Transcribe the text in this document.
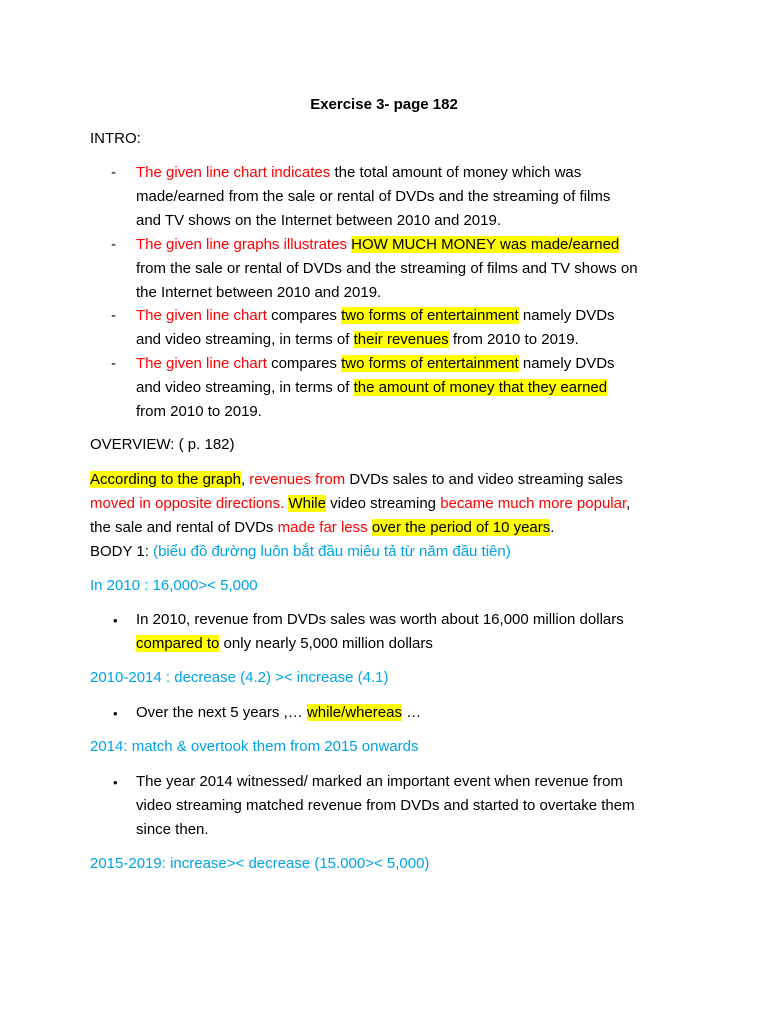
Exercise 3- page 182
INTRO:
- The given line chart indicates the total amount of money which was
made/earned from the sale or rental of DVDs and the streaming of films
and TV shows on the Internet between 2010 and 2019.
- The given line graphs illustrates HOW MUCH MONEY was made/earned
from the sale or rental of DVDs and the streaming of films and TV shows on
the Internet between 2010 and 2019.
- The given line chart compares two forms of entertainment namely DVDs
and video streaming, in terms of their revenues from 2010 to 2019.
- The given line chart compares two forms of entertainment namely DVDs
and video streaming, in terms of the amount of money that they earned
from 2010 to 2019.
OVERVIEW: ( p. 182)
According to the graph, revenues from DVDs sales to and video streaming sales
moved in opposite directions. While video streaming became much more popular,
the sale and rental of DVDs made far less over the period of 10 years.
BODY 1: (biểu đồ đường luôn bắt đầu miêu tả từ năm đầu tiên)
In 2010 : 16,000>< 5,000
• In 2010, revenue from DVDs sales was worth about 16,000 million dollars
compared to only nearly 5,000 million dollars
2010-2014 : decrease (4.2) >< increase (4.1)
• Over the next 5 years ,… while/whereas …
2014: match & overtook them from 2015 onwards
• The year 2014 witnessed/ marked an important event when revenue from
video streaming matched revenue from DVDs and started to overtake them
since then.
2015-2019: increase>< decrease (15.000>< 5,000)
